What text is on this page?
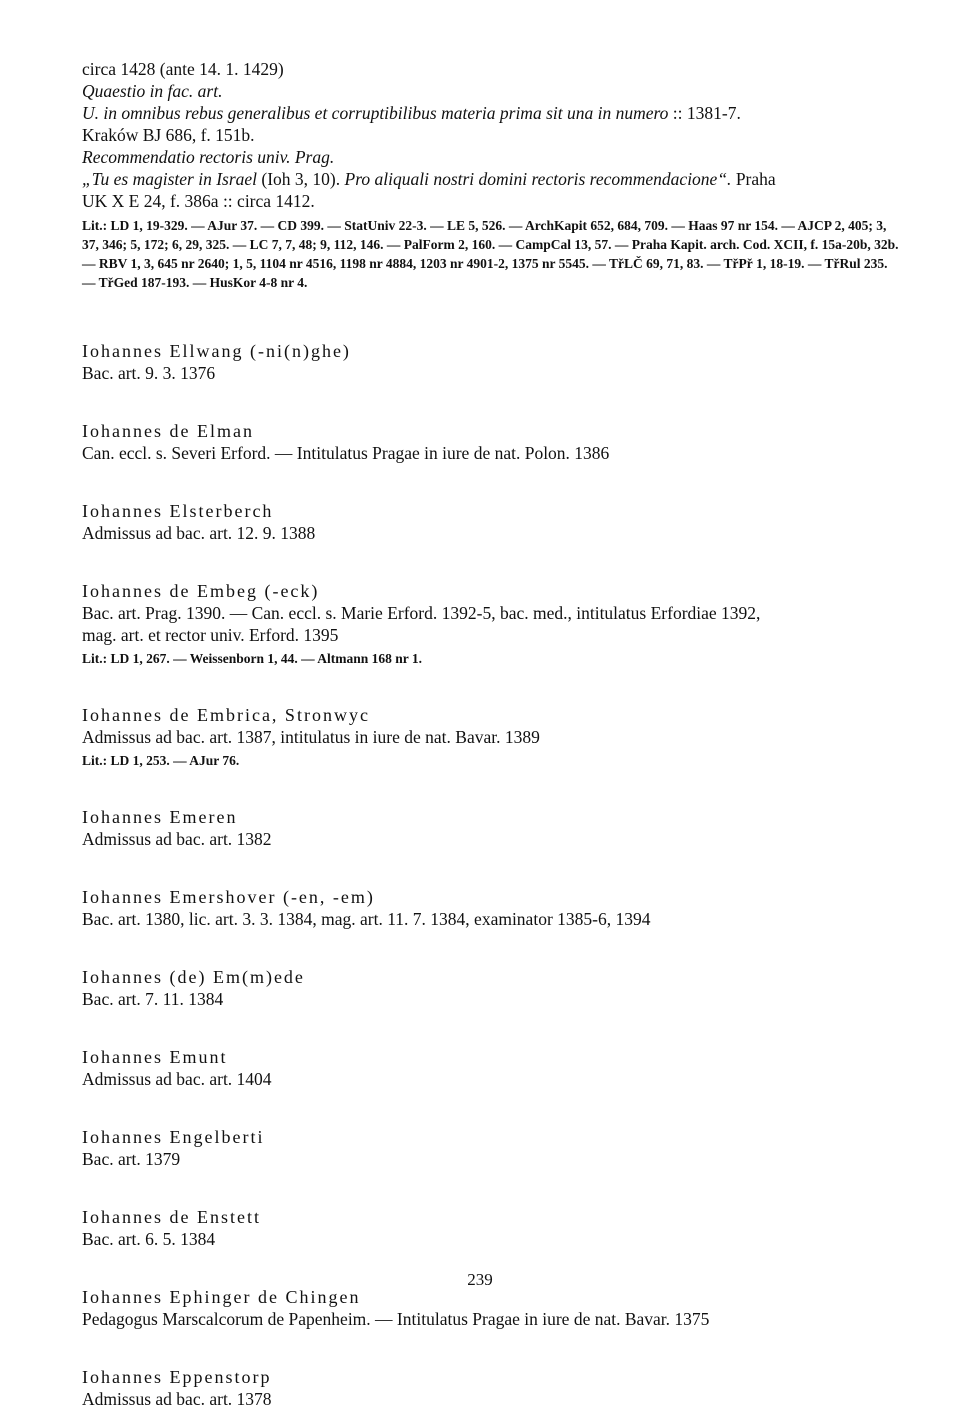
circa 1428 (ante 14. 1. 1429)
Quaestio in fac. art.
U. in omnibus rebus generalibus et corruptibilibus materia prima sit una in numero :: 1381-7.
Kraków BJ 686, f. 151b.
Recommendatio rectoris univ. Prag.
„Tu es magister in Israel (Ioh 3, 10). Pro aliquali nostri domini rectoris recommendacione“. Praha
UK X E 24, f. 386a :: circa 1412.
Lit.: LD 1, 19-329. — AJur 37. — CD 399. — StatUniv 22-3. — LE 5, 526. — ArchKapit 652, 684, 709. — Haas 97 nr 154. — AJCP 2, 405; 3, 37, 346; 5, 172; 6, 29, 325. — LC 7, 7, 48; 9, 112, 146. — PalForm 2, 160. — CampCal 13, 57. — Praha Kapit. arch. Cod. XCII, f. 15a-20b, 32b. — RBV 1, 3, 645 nr 2640; 1, 5, 1104 nr 4516, 1198 nr 4884, 1203 nr 4901-2, 1375 nr 5545. — TřLČ 69, 71, 83. — TřPř 1, 18-19. — TřRul 235. — TřGed 187-193. — HusKor 4-8 nr 4.
Iohannes Ellwang (-ni(n)ghe)
Bac. art. 9. 3. 1376
Iohannes de Elman
Can. eccl. s. Severi Erford. — Intitulatus Pragae in iure de nat. Polon. 1386
Iohannes Elsterberch
Admissus ad bac. art. 12. 9. 1388
Iohannes de Embeg (-eck)
Bac. art. Prag. 1390. — Can. eccl. s. Marie Erford. 1392-5, bac. med., intitulatus Erfordiae 1392,
mag. art. et rector univ. Erford. 1395
Lit.: LD 1, 267. — Weissenborn 1, 44. — Altmann 168 nr 1.
Iohannes de Embrica, Stronwyc
Admissus ad bac. art. 1387, intitulatus in iure de nat. Bavar. 1389
Lit.: LD 1, 253. — AJur 76.
Iohannes Emeren
Admissus ad bac. art. 1382
Iohannes Emershover (-en, -em)
Bac. art. 1380, lic. art. 3. 3. 1384, mag. art. 11. 7. 1384, examinator 1385-6, 1394
Iohannes (de) Em(m)ede
Bac. art. 7. 11. 1384
Iohannes Emunt
Admissus ad bac. art. 1404
Iohannes Engelberti
Bac. art. 1379
Iohannes de Enstett
Bac. art. 6. 5. 1384
Iohannes Ephinger de Chingen
Pedagogus Marscalcorum de Papenheim. — Intitulatus Pragae in iure de nat. Bavar. 1375
Iohannes Eppenstorp
Admissus ad bac. art. 1378
239
